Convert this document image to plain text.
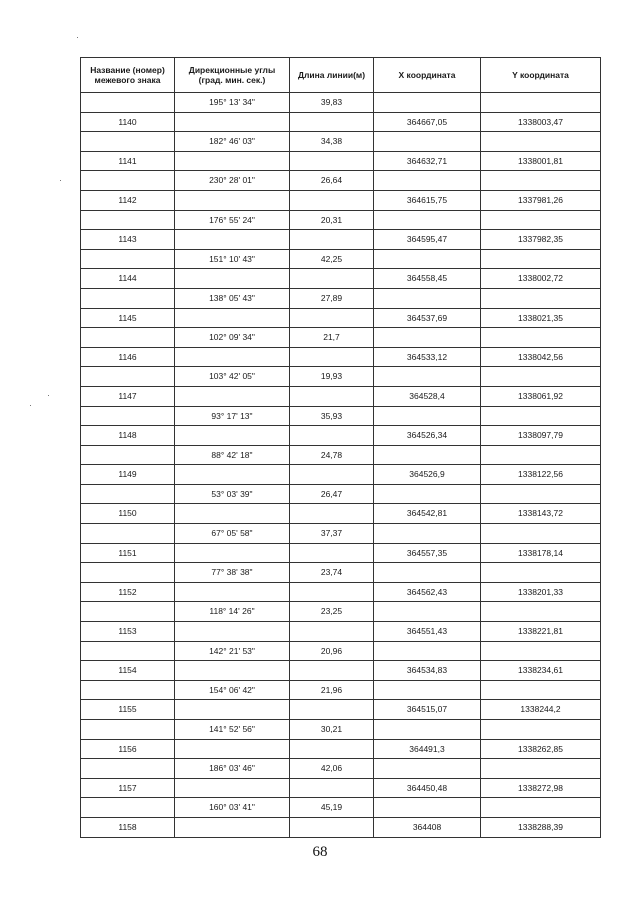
Название (номер) межевого знака	Дирекционные углы (град. мин. сек.)	Длина линии(м)	X координата	Y координата
	195° 13' 34"	39,83		
1140			364667,05	1338003,47
	182° 46' 03"	34,38		
1141			364632,71	1338001,81
	230° 28' 01"	26,64		
1142			364615,75	1337981,26
	176° 55' 24"	20,31		
1143			364595,47	1337982,35
	151° 10' 43"	42,25		
1144			364558,45	1338002,72
	138° 05' 43"	27,89		
1145			364537,69	1338021,35
	102° 09' 34"	21,7		
1146			364533,12	1338042,56
	103° 42' 05"	19,93		
1147			364528,4	1338061,92
	93° 17' 13"	35,93		
1148			364526,34	1338097,79
	88° 42' 18"	24,78		
1149			364526,9	1338122,56
	53° 03' 39"	26,47		
1150			364542,81	1338143,72
	67° 05' 58"	37,37		
1151			364557,35	1338178,14
	77° 38' 38"	23,74		
1152			364562,43	1338201,33
	118° 14' 26"	23,25		
1153			364551,43	1338221,81
	142° 21' 53"	20,96		
1154			364534,83	1338234,61
	154° 06' 42"	21,96		
1155			364515,07	1338244,2
	141° 52' 56"	30,21		
1156			364491,3	1338262,85
	186° 03' 46"	42,06		
1157			364450,48	1338272,98
	160° 03' 41"	45,19		
1158			364408	1338288,39
68
